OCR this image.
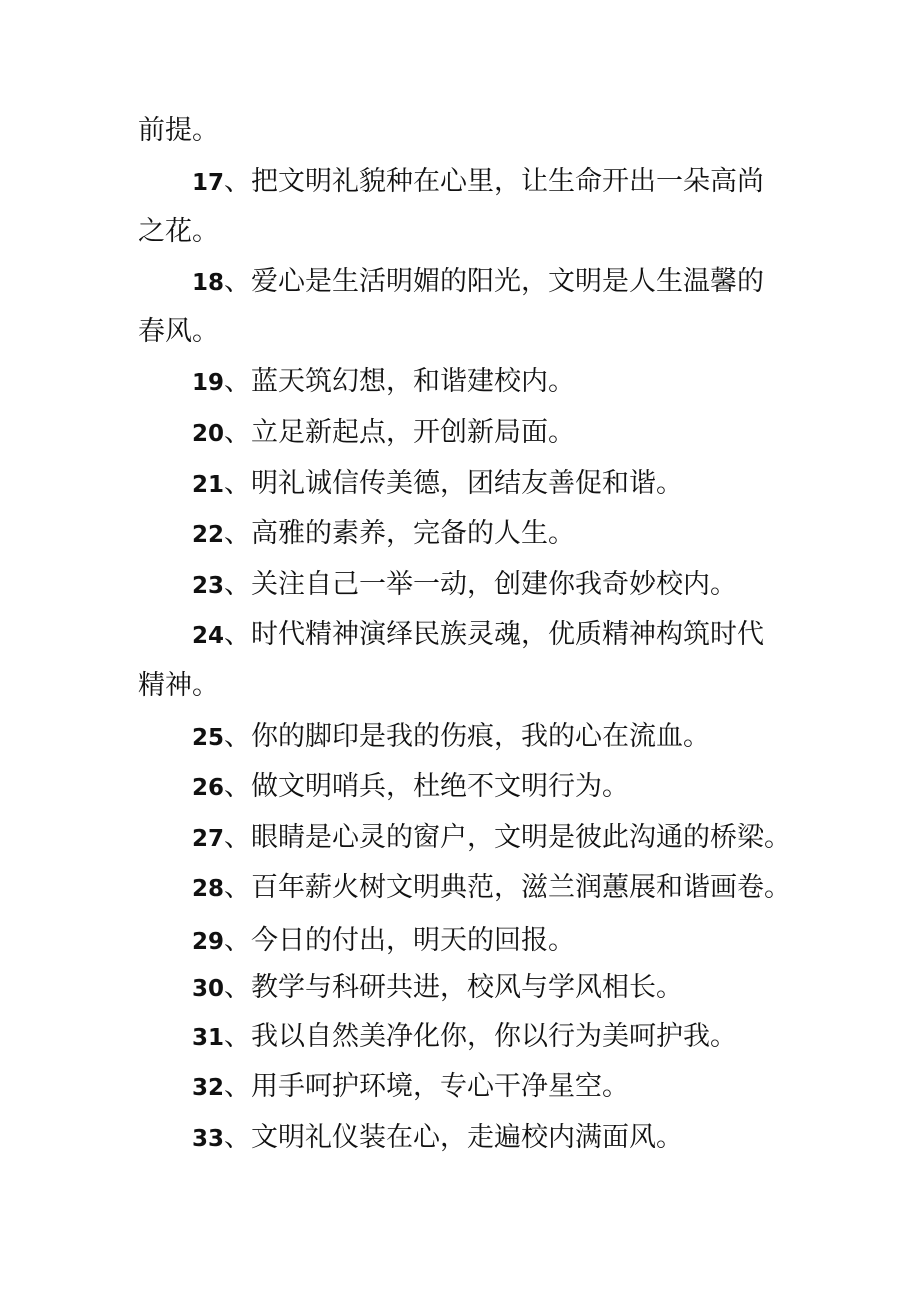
前提。
17、把文明礼貌种在心里，让生命开出一朵高尚
之花。
18、爱心是生活明媚的阳光，文明是人生温馨的
春风。
19、蓝天筑幻想，和谐建校内。
20、立足新起点，开创新局面。
21、明礼诚信传美德，团结友善促和谐。
22、高雅的素养，完备的人生。
23、关注自己一举一动，创建你我奇妙校内。
24、时代精神演绎民族灵魂，优质精神构筑时代
精神。
25、你的脚印是我的伤痕，我的心在流血。
26、做文明哨兵，杜绝不文明行为。
27、眼睛是心灵的窗户，文明是彼此沟通的桥梁。
28、百年薪火树文明典范，滋兰润蕙展和谐画卷。
29、今日的付出，明天的回报。
30、教学与科研共进，校风与学风相长。
31、我以自然美净化你，你以行为美呵护我。
32、用手呵护环境，专心干净星空。
33、文明礼仪装在心，走遍校内满面风。
